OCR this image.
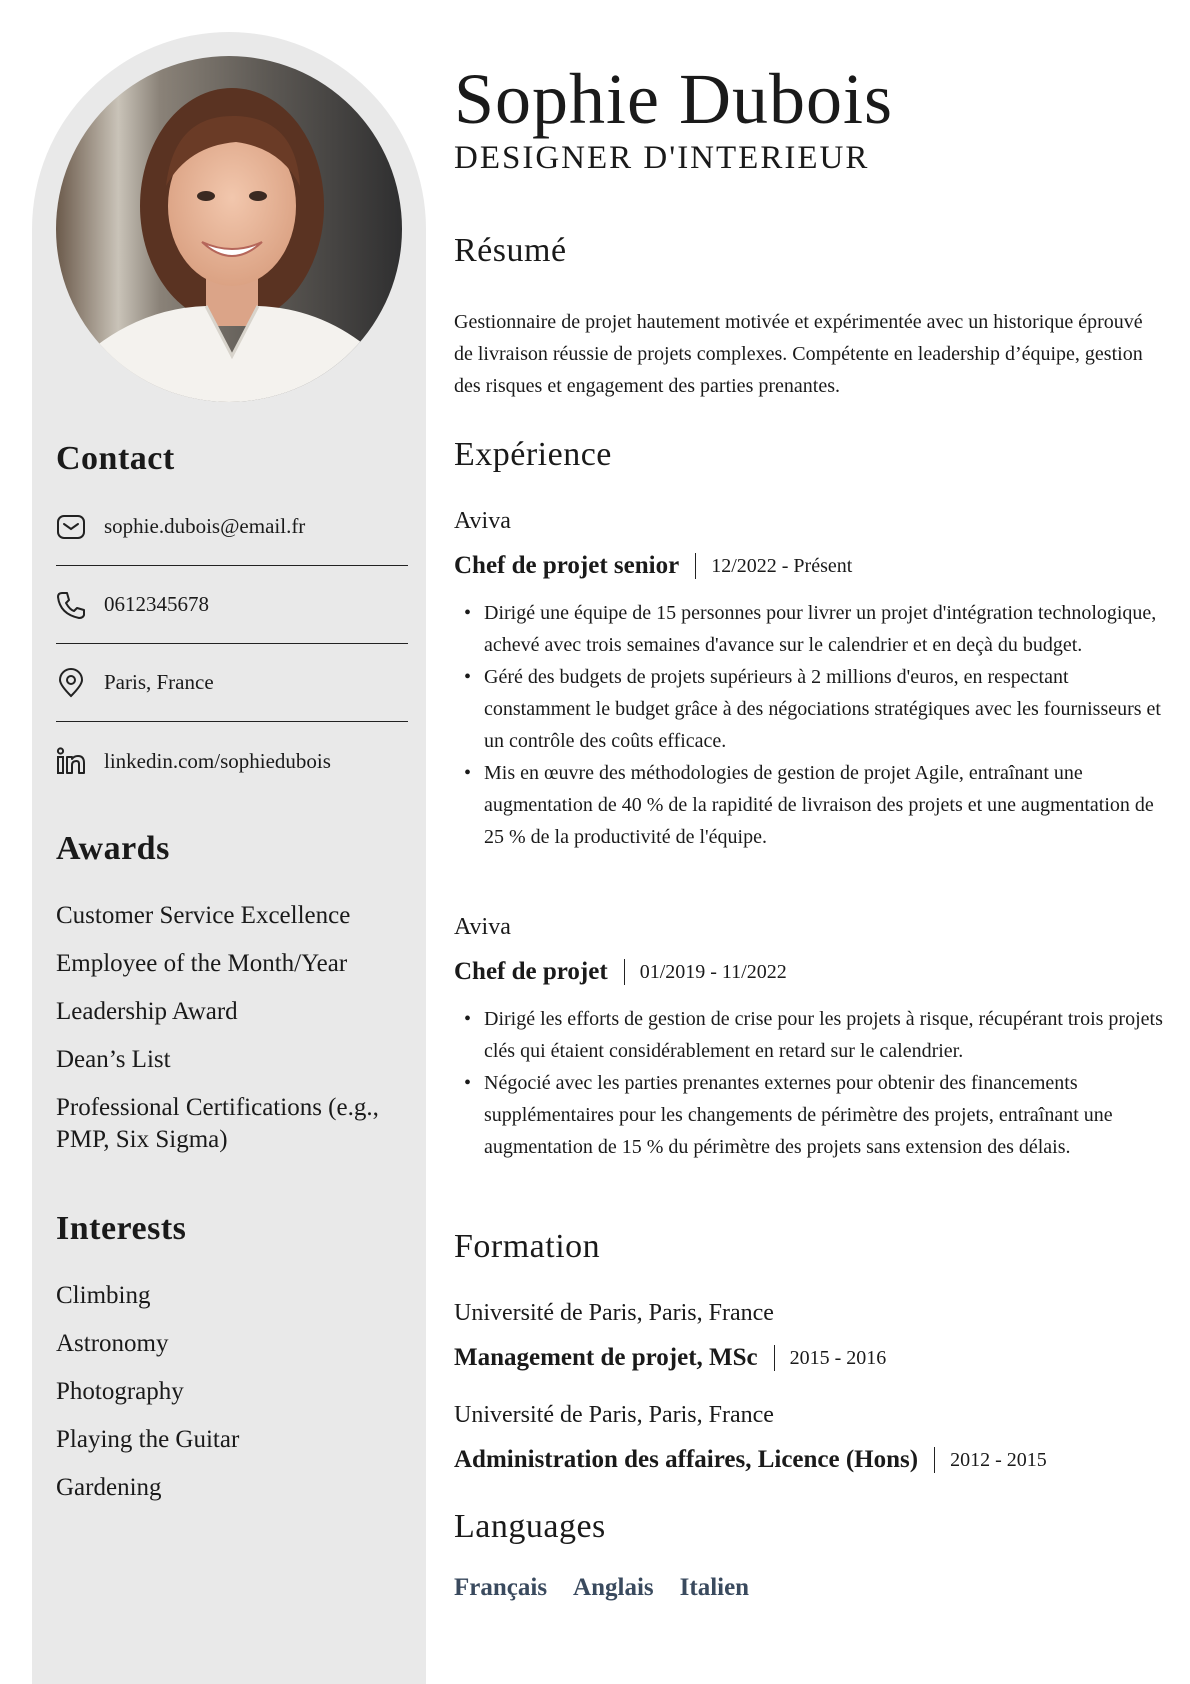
Contact
sophie.dubois@email.fr
0612345678
Paris, France
linkedin.com/sophiedubois
Awards
Customer Service Excellence
Employee of the Month/Year
Leadership Award
Dean’s List
Professional Certifications (e.g., PMP, Six Sigma)
Interests
Climbing
Astronomy
Photography
Playing the Guitar
Gardening
Sophie Dubois
DESIGNER D'INTERIEUR
Résumé

Gestionnaire de projet hautement motivée et expérimentée avec un historique éprouvé de livraison réussie de projets complexes. Compétente en leadership d’équipe, gestion des risques et engagement des parties prenantes.

Expérience
Aviva
Chef de projet senior 12/2022 - Présent
• Dirigé une équipe de 15 personnes pour livrer un projet d'intégration technologique, achevé avec trois semaines d'avance sur le calendrier et en deçà du budget.
• Géré des budgets de projets supérieurs à 2 millions d'euros, en respectant constamment le budget grâce à des négociations stratégiques avec les fournisseurs et un contrôle des coûts efficace.
• Mis en œuvre des méthodologies de gestion de projet Agile, entraînant une augmentation de 40 % de la rapidité de livraison des projets et une augmentation de 25 % de la productivité de l'équipe.
Aviva
Chef de projet 01/2019 - 11/2022
• Dirigé les efforts de gestion de crise pour les projets à risque, récupérant trois projets clés qui étaient considérablement en retard sur le calendrier.
• Négocié avec les parties prenantes externes pour obtenir des financements supplémentaires pour les changements de périmètre des projets, entraînant une augmentation de 15 % du périmètre des projets sans extension des délais.
Formation
Université de Paris, Paris, France
Management de projet, MSc 2015 - 2016
Université de Paris, Paris, France
Administration des affaires, Licence (Hons) 2012 - 2015
Languages
Français Anglais Italien
